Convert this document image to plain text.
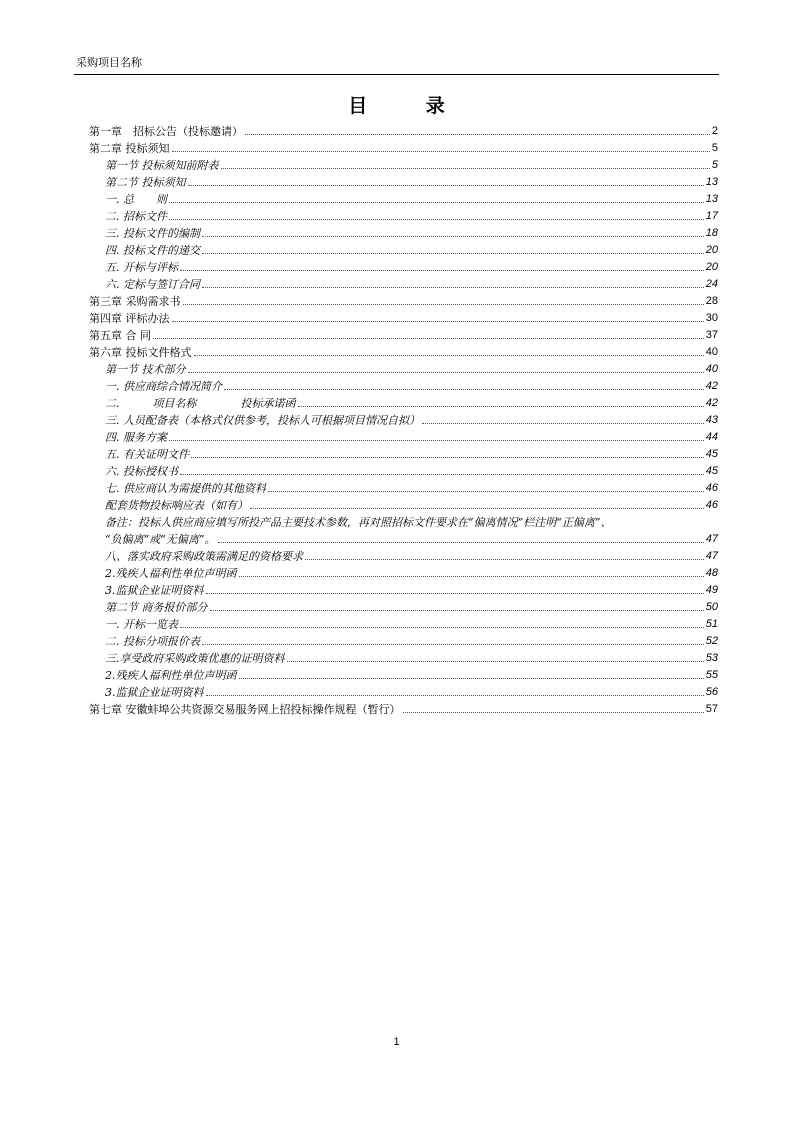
采购项目名称
目 录
第一章　招标公告（投标邀请）	2
第二章 投标须知	5
第一节 投标须知前附表	5
第二节 投标须知	13
一. 总　　则	13
二. 招标文件	17
三. 投标文件的编制	18
四. 投标文件的递交	20
五. 开标与评标	20
六. 定标与签订合同	24
第三章 采购需求书	28
第四章 评标办法	30
第五章 合 同	37
第六章 投标文件格式	40
第一节 技术部分	40
一. 供应商综合情况简介	42
二.　　　项目名称　　　　投标承诺函	42
三. 人员配备表（本格式仅供参考，投标人可根据项目情况自拟）	43
四. 服务方案	44
五. 有关证明文件	45
六. 投标授权书	45
七. 供应商认为需提供的其他资料	46
配套货物投标响应表（如有）	46
备注：投标人供应商应填写所投产品主要技术参数，再对照招标文件要求在“偏离情况”栏注明“正偏离”、
“负偏离”或“无偏离”。	47
八、落实政府采购政策需满足的资格要求	47
2.残疾人福利性单位声明函	48
3.监狱企业证明资料	49
第二节 商务报价部分	50
一. 开标一览表	51
二. 投标分项报价表	52
三.享受政府采购政策优惠的证明资料	53
2.残疾人福利性单位声明函	55
3.监狱企业证明资料	56
第七章 安徽蚌埠公共资源交易服务网上招投标操作规程（暂行）	57
1
